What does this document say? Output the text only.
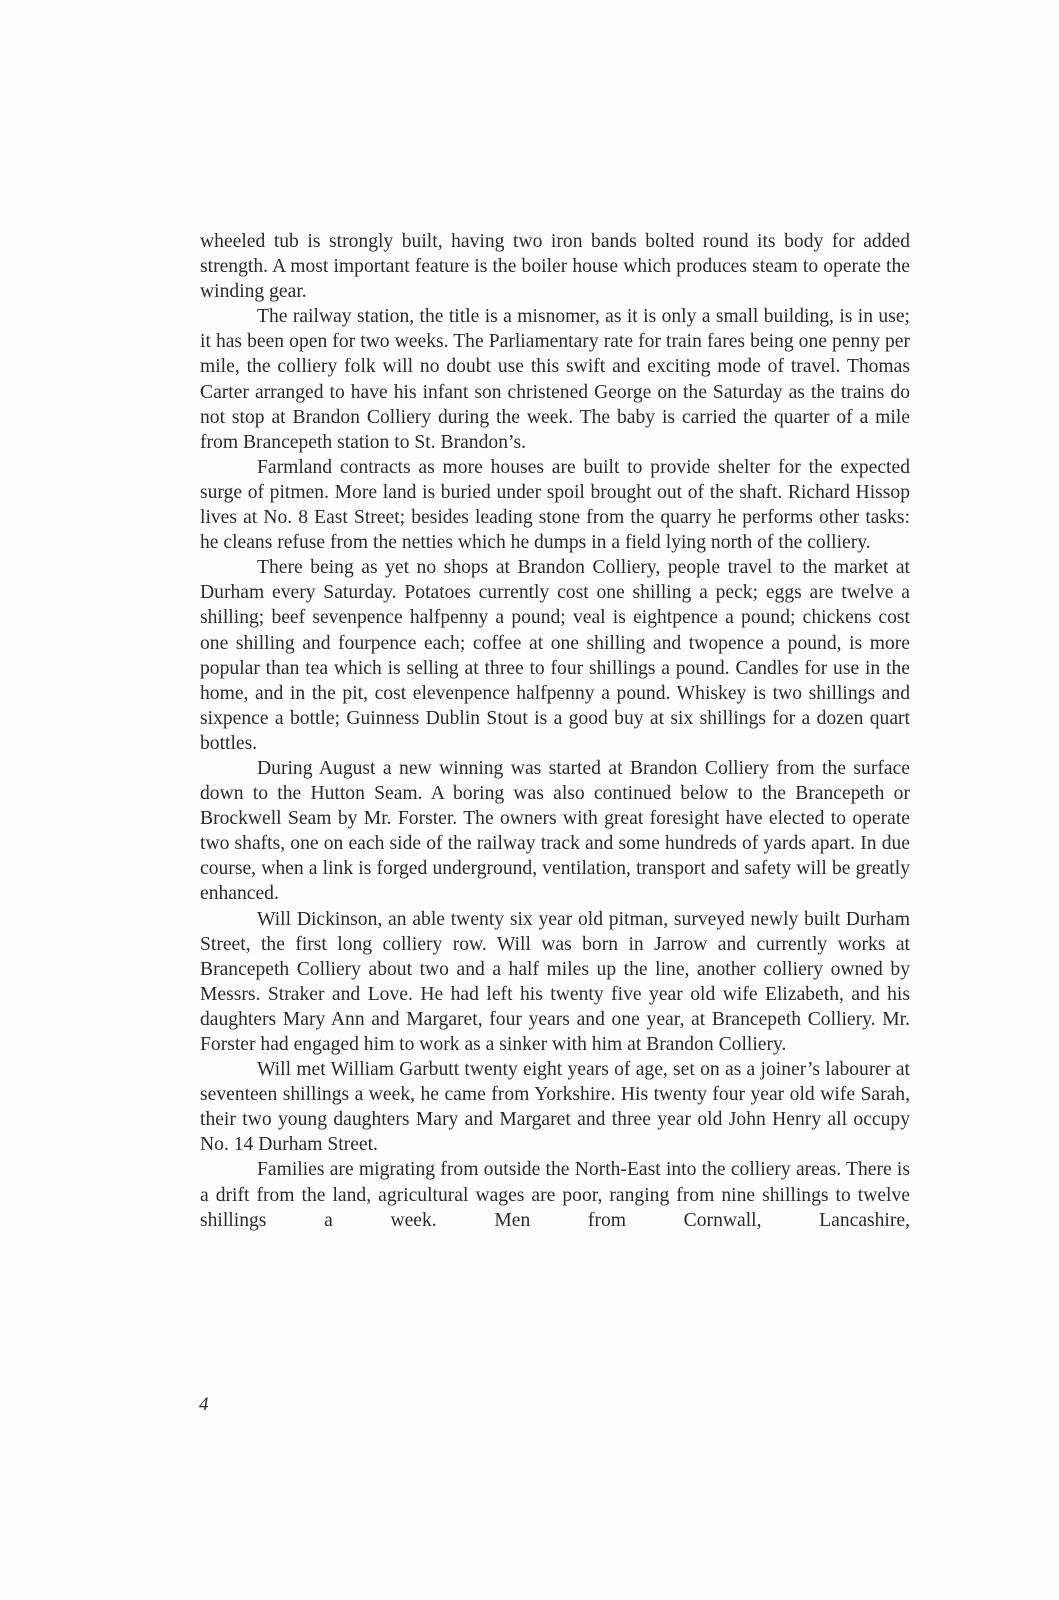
wheeled tub is strongly built, having two iron bands bolted round its body for added strength. A most important feature is the boiler house which produces steam to operate the winding gear.

The railway station, the title is a misnomer, as it is only a small building, is in use; it has been open for two weeks. The Parliamentary rate for train fares being one penny per mile, the colliery folk will no doubt use this swift and exciting mode of travel. Thomas Carter arranged to have his infant son christened George on the Saturday as the trains do not stop at Brandon Colliery during the week. The baby is carried the quarter of a mile from Brancepeth station to St. Brandon’s.

Farmland contracts as more houses are built to provide shelter for the expected surge of pitmen. More land is buried under spoil brought out of the shaft. Richard Hissop lives at No. 8 East Street; besides leading stone from the quarry he performs other tasks: he cleans refuse from the netties which he dumps in a field lying north of the colliery.

There being as yet no shops at Brandon Colliery, people travel to the market at Durham every Saturday. Potatoes currently cost one shilling a peck; eggs are twelve a shilling; beef sevenpence halfpenny a pound; veal is eightpence a pound; chickens cost one shilling and fourpence each; coffee at one shilling and twopence a pound, is more popular than tea which is selling at three to four shillings a pound. Candles for use in the home, and in the pit, cost elevenpence halfpenny a pound. Whiskey is two shillings and sixpence a bottle; Guinness Dublin Stout is a good buy at six shillings for a dozen quart bottles.

During August a new winning was started at Brandon Colliery from the surface down to the Hutton Seam. A boring was also continued below to the Brancepeth or Brockwell Seam by Mr. Forster. The owners with great foresight have elected to operate two shafts, one on each side of the railway track and some hundreds of yards apart. In due course, when a link is forged underground, ventilation, transport and safety will be greatly enhanced.

Will Dickinson, an able twenty six year old pitman, surveyed newly built Durham Street, the first long colliery row. Will was born in Jarrow and currently works at Brancepeth Colliery about two and a half miles up the line, another colliery owned by Messrs. Straker and Love. He had left his twenty five year old wife Elizabeth, and his daughters Mary Ann and Margaret, four years and one year, at Brancepeth Colliery. Mr. Forster had engaged him to work as a sinker with him at Brandon Colliery.

Will met William Garbutt twenty eight years of age, set on as a joiner’s labourer at seventeen shillings a week, he came from Yorkshire. His twenty four year old wife Sarah, their two young daughters Mary and Margaret and three year old John Henry all occupy No. 14 Durham Street.

Families are migrating from outside the North-East into the colliery areas. There is a drift from the land, agricultural wages are poor, ranging from nine shillings to twelve shillings a week. Men from Cornwall, Lancashire,

4
